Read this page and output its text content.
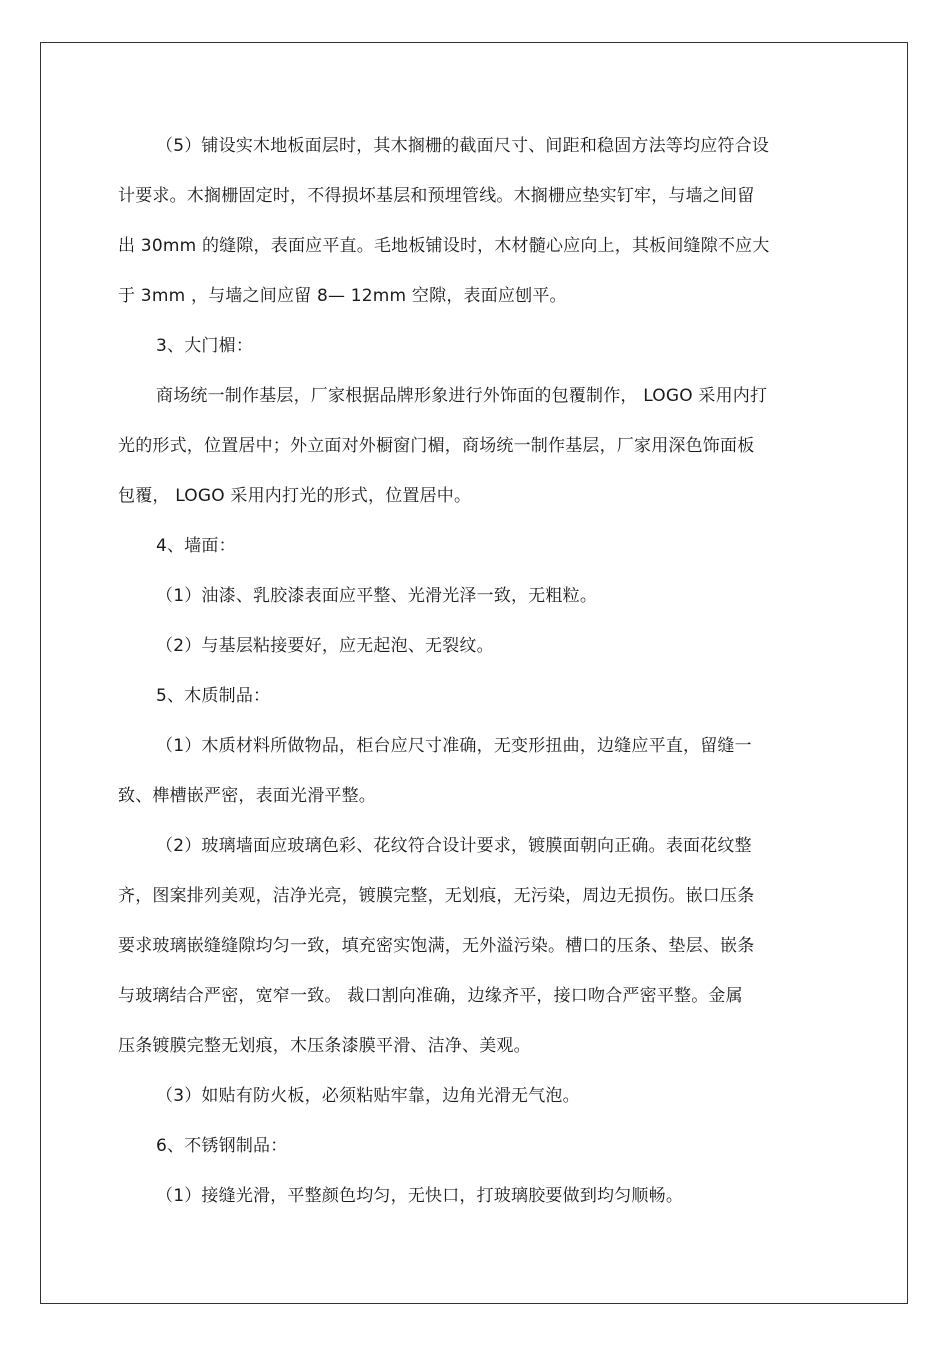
（5）铺设实木地板面层时，其木搁栅的截面尺寸、间距和稳固方法等均应符合设
计要求。木搁栅固定时，不得损坏基层和预埋管线。木搁栅应垫实钉牢，与墙之间留
出 30mm 的缝隙，表面应平直。毛地板铺设时，木材髓心应向上，其板间缝隙不应大
于 3mm ，与墙之间应留 8— 12mm 空隙，表面应刨平。
3、大门楣：
商场统一制作基层，厂家根据品牌形象进行外饰面的包覆制作， LOGO 采用内打
光的形式，位置居中；外立面对外橱窗门楣，商场统一制作基层，厂家用深色饰面板
包覆， LOGO 采用内打光的形式，位置居中。
4、墙面：
（1）油漆、乳胶漆表面应平整、光滑光泽一致，无粗粒。
（2）与基层粘接要好，应无起泡、无裂纹。
5、木质制品：
（1）木质材料所做物品，柜台应尺寸准确，无变形扭曲，边缝应平直，留缝一
致、榫槽嵌严密，表面光滑平整。
（2）玻璃墙面应玻璃色彩、花纹符合设计要求，镀膜面朝向正确。表面花纹整
齐，图案排列美观，洁净光亮，镀膜完整，无划痕，无污染，周边无损伤。嵌口压条
要求玻璃嵌缝缝隙均匀一致，填充密实饱满，无外溢污染。槽口的压条、垫层、嵌条
与玻璃结合严密，宽窄一致。 裁口割向准确，边缘齐平，接口吻合严密平整。金属
压条镀膜完整无划痕，木压条漆膜平滑、洁净、美观。
（3）如贴有防火板，必须粘贴牢靠，边角光滑无气泡。
6、不锈钢制品：
（1）接缝光滑，平整颜色均匀，无快口，打玻璃胶要做到均匀顺畅。
